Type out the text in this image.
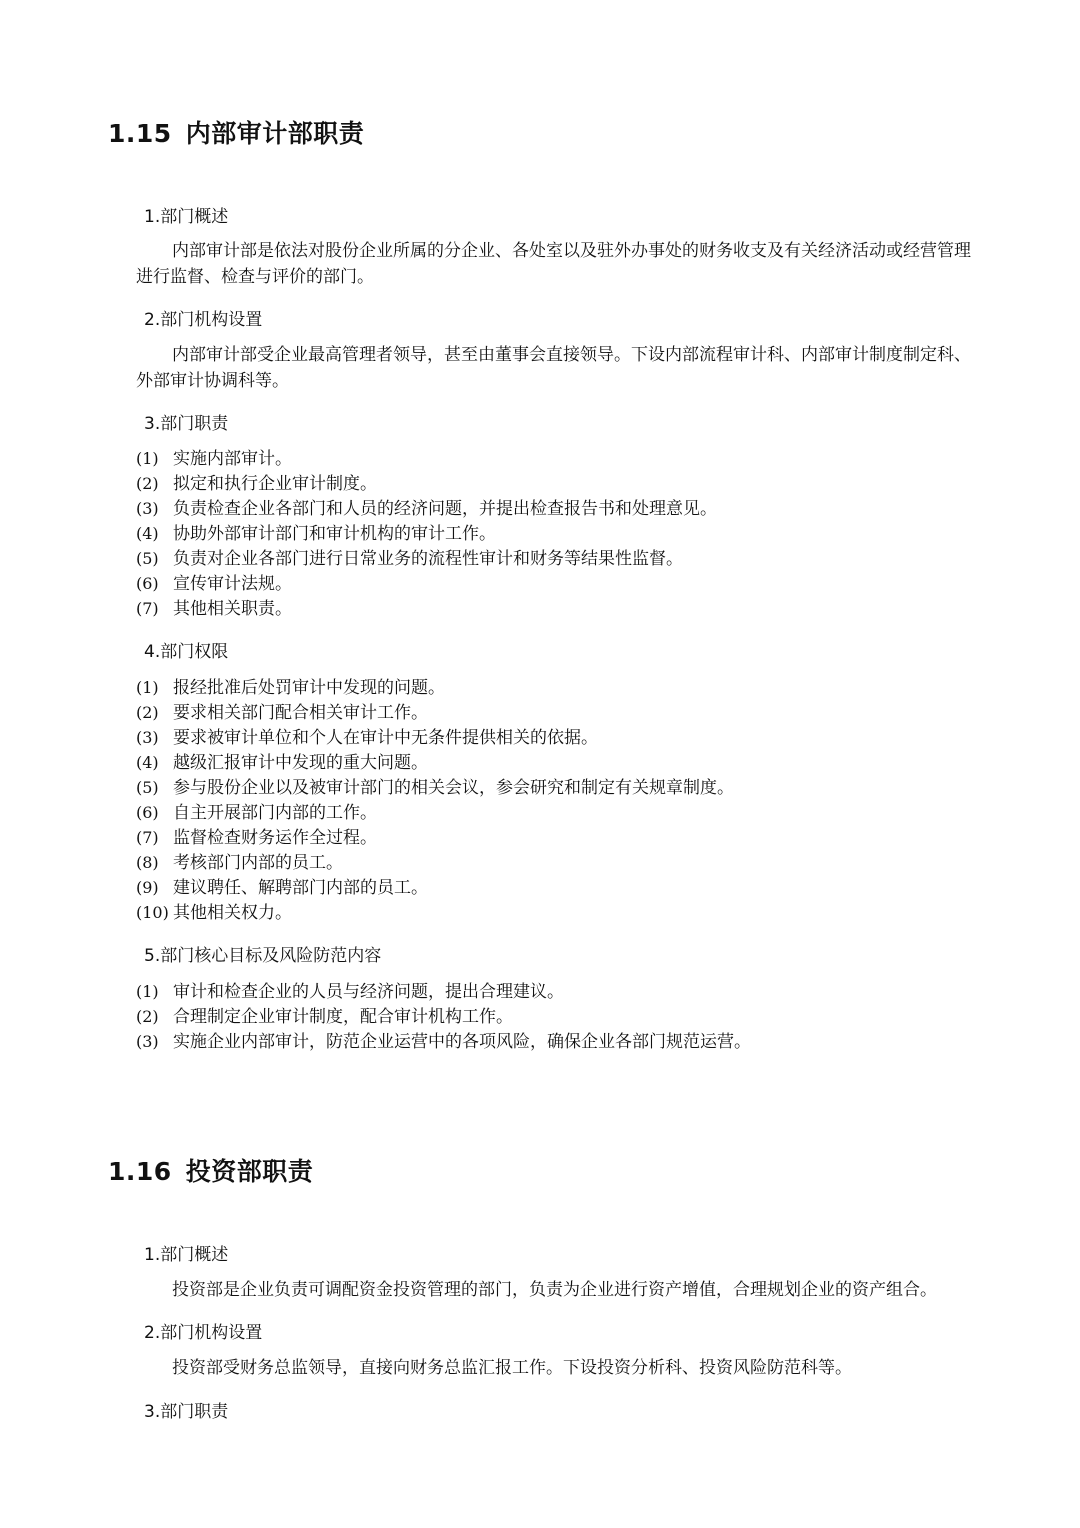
1.15 内部审计部职责
1.部门概述
内部审计部是依法对股份企业所属的分企业、各处室以及驻外办事处的财务收支及有关经济活动或经营管理进行监督、检查与评价的部门。
2.部门机构设置
内部审计部受企业最高管理者领导，甚至由董事会直接领导。下设内部流程审计科、内部审计制度制定科、外部审计协调科等。
3.部门职责
(1) 实施内部审计。
(2) 拟定和执行企业审计制度。
(3) 负责检查企业各部门和人员的经济问题，并提出检查报告书和处理意见。
(4) 协助外部审计部门和审计机构的审计工作。
(5) 负责对企业各部门进行日常业务的流程性审计和财务等结果性监督。
(6) 宣传审计法规。
(7) 其他相关职责。
4.部门权限
(1) 报经批准后处罚审计中发现的问题。
(2) 要求相关部门配合相关审计工作。
(3) 要求被审计单位和个人在审计中无条件提供相关的依据。
(4) 越级汇报审计中发现的重大问题。
(5) 参与股份企业以及被审计部门的相关会议，参会研究和制定有关规章制度。
(6) 自主开展部门内部的工作。
(7) 监督检查财务运作全过程。
(8) 考核部门内部的员工。
(9) 建议聘任、解聘部门内部的员工。
(10) 其他相关权力。
5.部门核心目标及风险防范内容
(1) 审计和检查企业的人员与经济问题，提出合理建议。
(2) 合理制定企业审计制度，配合审计机构工作。
(3) 实施企业内部审计，防范企业运营中的各项风险，确保企业各部门规范运营。
1.16 投资部职责
1.部门概述
投资部是企业负责可调配资金投资管理的部门，负责为企业进行资产增值，合理规划企业的资产组合。
2.部门机构设置
投资部受财务总监领导，直接向财务总监汇报工作。下设投资分析科、投资风险防范科等。
3.部门职责
